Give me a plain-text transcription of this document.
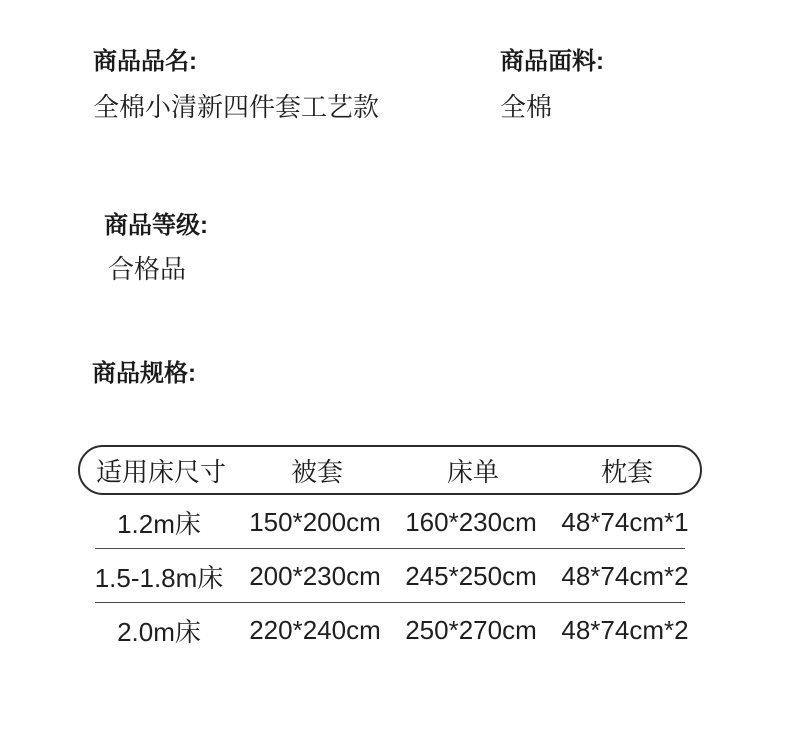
商品品名:
全棉小清新四件套工艺款
商品面料:
全棉
商品等级:
合格品
商品规格:
适用床尺寸	被套	床单	枕套
1.2m床	150*200cm 160*230cm 48*74cm*1
1.5-1.8m床 200*230cm 245*250cm 48*74cm*2
2.0m床	220*240cm 250*270cm 48*74cm*2
